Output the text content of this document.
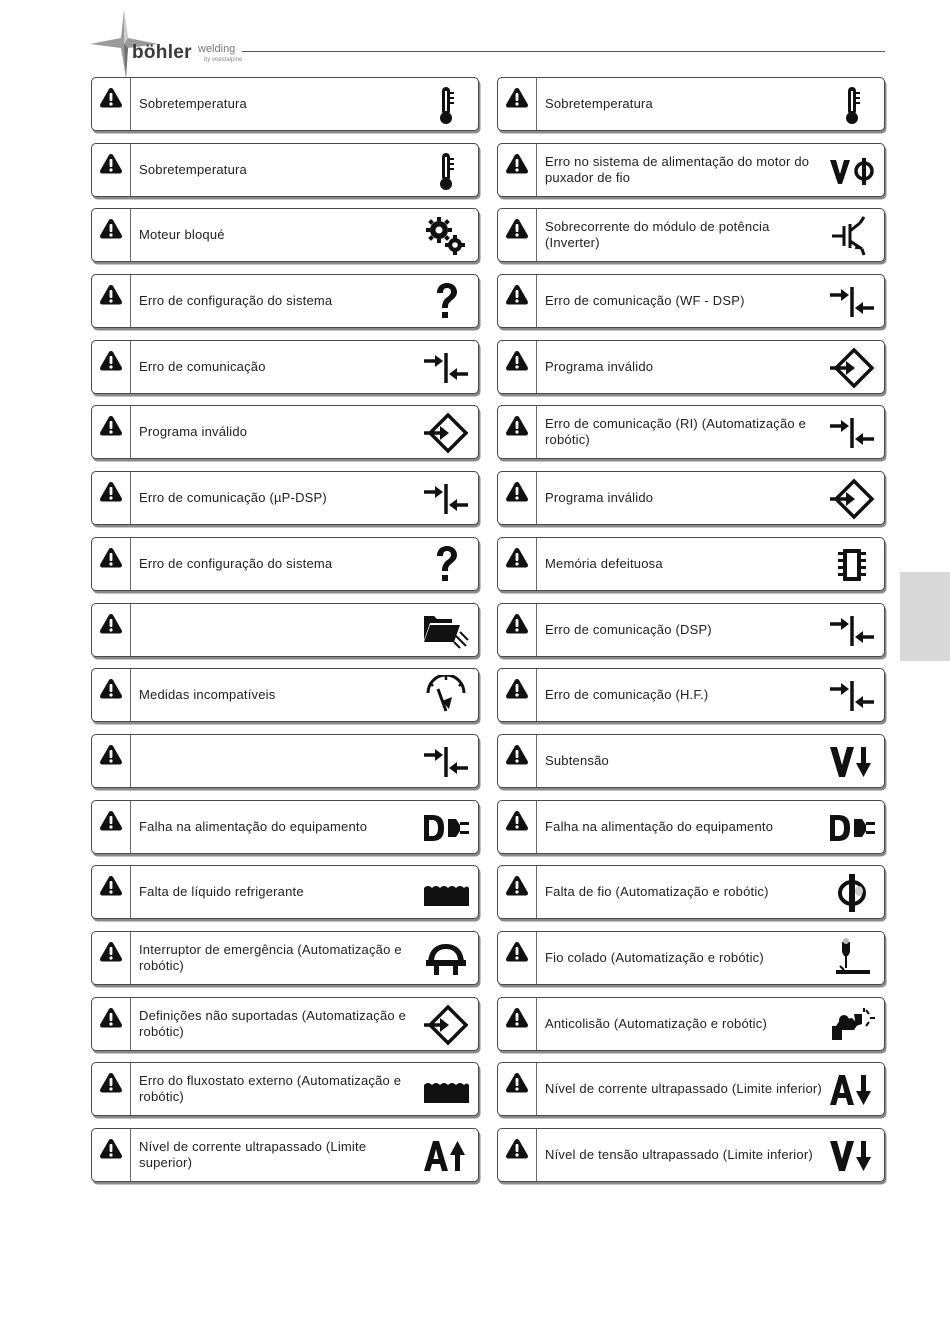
böhler welding
by voestalpine
Sobretemperatura	Sobretemperatura
Sobretemperatura
Erro no sistema de alimentação do motor do puxador de fio
Moteur bloqué
Sobrecorrente do módulo de potência (Inverter)
Erro de configuração do sistema	Erro de comunicação (WF - DSP)
Erro de comunicação	Programa inválido
Programa inválido
Erro de comunicação (RI) (Automatização e robótic)
Erro de comunicação (µP-DSP)	Programa inválido
Erro de configuração do sistema	Memória defeituosa
Erro de comunicação (DSP)
Medidas incompatíveis	Erro de comunicação (H.F.)
Subtensão
Falha na alimentação do equipamento	Falha na alimentação do equipamento
Falta de líquido refrigerante	Falta de fio (Automatização e robótic)
Interruptor de emergência (Automatização e robótic)
Fio colado (Automatização e robótic)
Definições não suportadas (Automatização e robótic)
Anticolisão (Automatização e robótic)
Erro do fluxostato externo (Automatização e robótic)
Nível de corrente ultrapassado (Limite inferior)
Nível de corrente ultrapassado (Limite superior)
Nível de tensão ultrapassado (Limite inferior)
